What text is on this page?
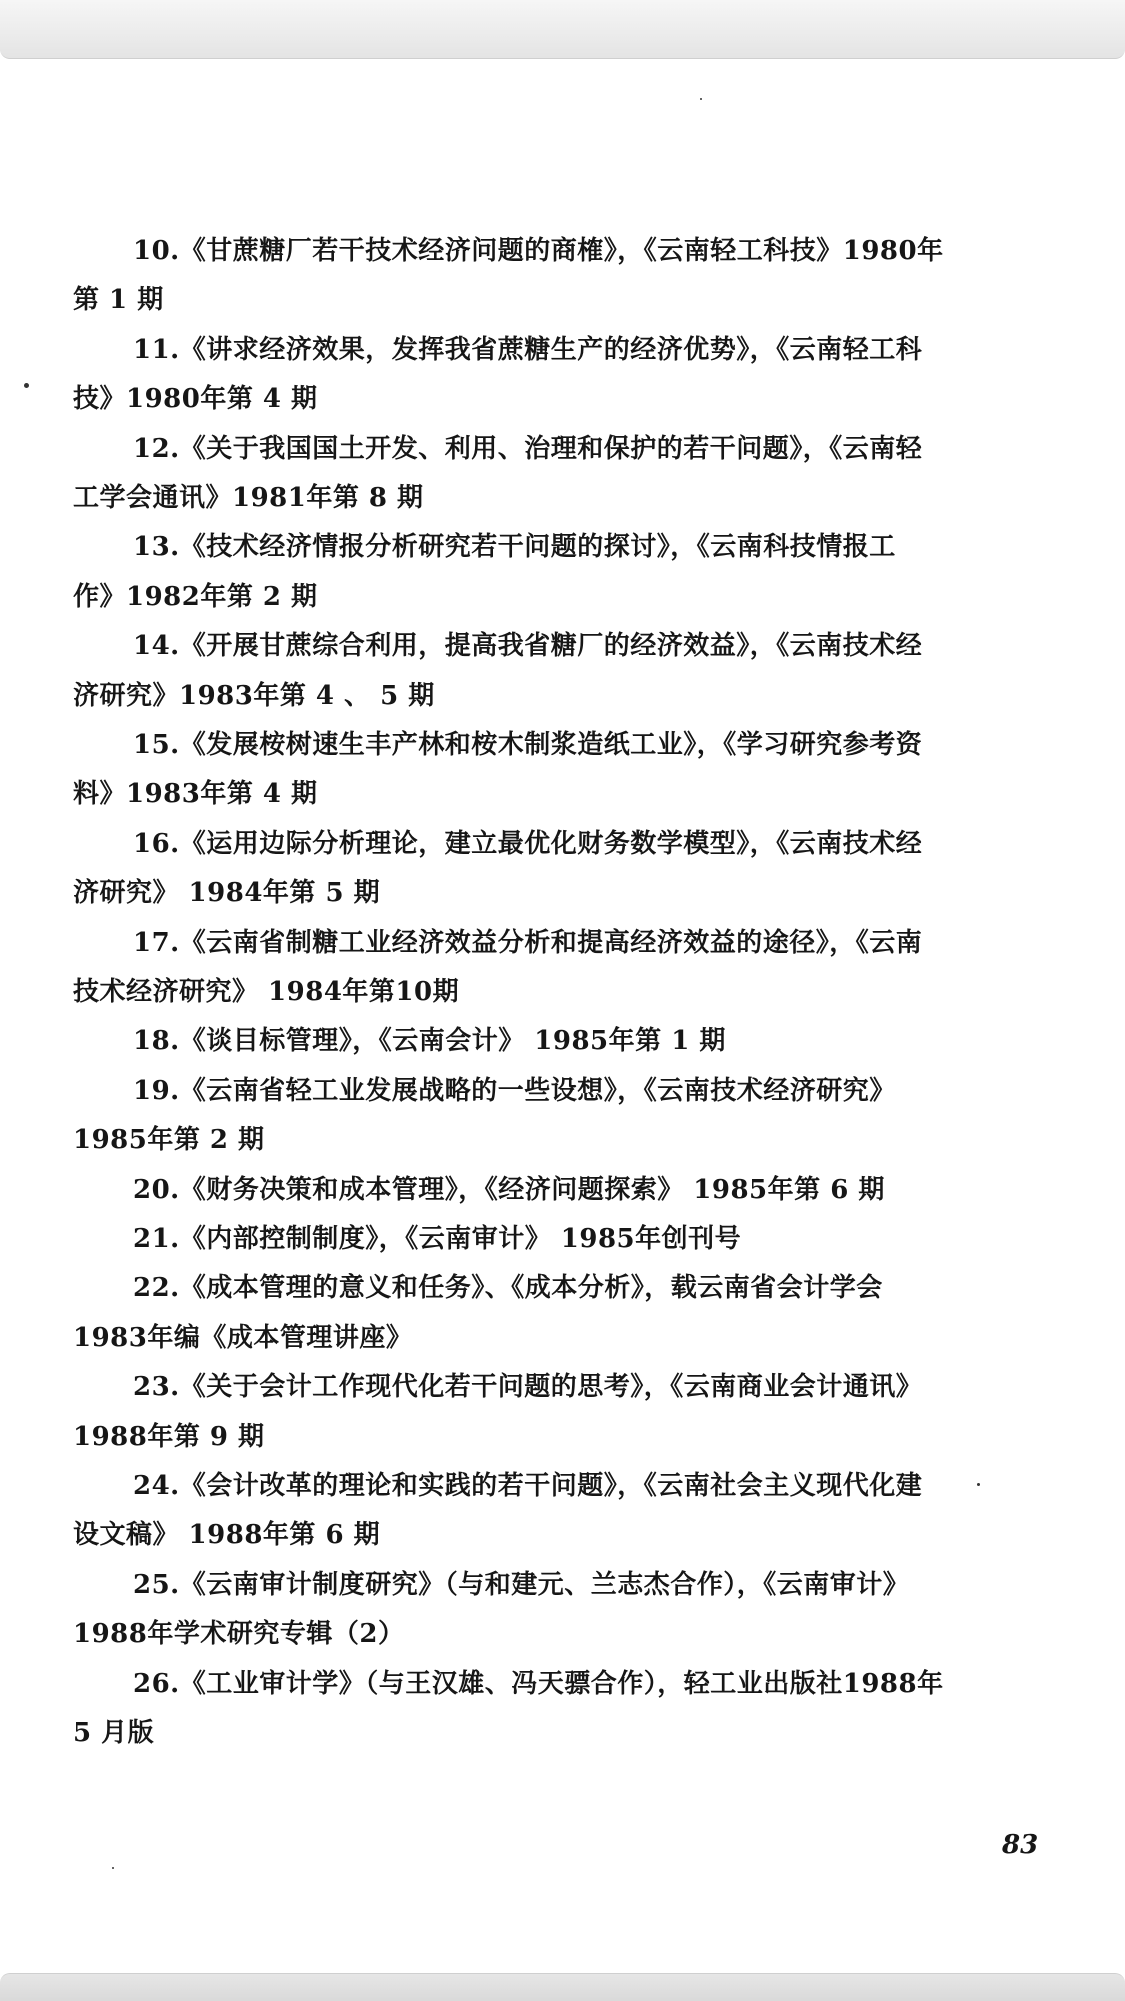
10.《甘蔗糖厂若干技术经济问题的商榷》，《云南轻工科技》1980年
第 1 期
11.《讲求经济效果，发挥我省蔗糖生产的经济优势》，《云南轻工科
技》1980年第 4 期
12.《关于我国国土开发、利用、治理和保护的若干问题》，《云南轻
工学会通讯》1981年第 8 期
13.《技术经济情报分析研究若干问题的探讨》，《云南科技情报工
作》1982年第 2 期
14.《开展甘蔗综合利用，提高我省糖厂的经济效益》，《云南技术经
济研究》1983年第 4 、 5 期
15.《发展桉树速生丰产林和桉木制浆造纸工业》，《学习研究参考资
料》1983年第 4 期
16.《运用边际分析理论，建立最优化财务数学模型》，《云南技术经
济研究》 1984年第 5 期
17.《云南省制糖工业经济效益分析和提高经济效益的途径》，《云南
技术经济研究》 1984年第10期
18.《谈目标管理》，《云南会计》 1985年第 1 期
19.《云南省轻工业发展战略的一些设想》，《云南技术经济研究》
1985年第 2 期
20.《财务决策和成本管理》，《经济问题探索》 1985年第 6 期
21.《内部控制制度》，《云南审计》 1985年创刊号
22.《成本管理的意义和任务》、《成本分析》，载云南省会计学会
1983年编《成本管理讲座》
23.《关于会计工作现代化若干问题的思考》，《云南商业会计通讯》
1988年第 9 期
24.《会计改革的理论和实践的若干问题》，《云南社会主义现代化建
设文稿》 1988年第 6 期
25.《云南审计制度研究》（与和建元、兰志杰合作），《云南审计》
1988年学术研究专辑（2）
26.《工业审计学》（与王汉雄、冯天骠合作），轻工业出版社1988年
5 月版
83
